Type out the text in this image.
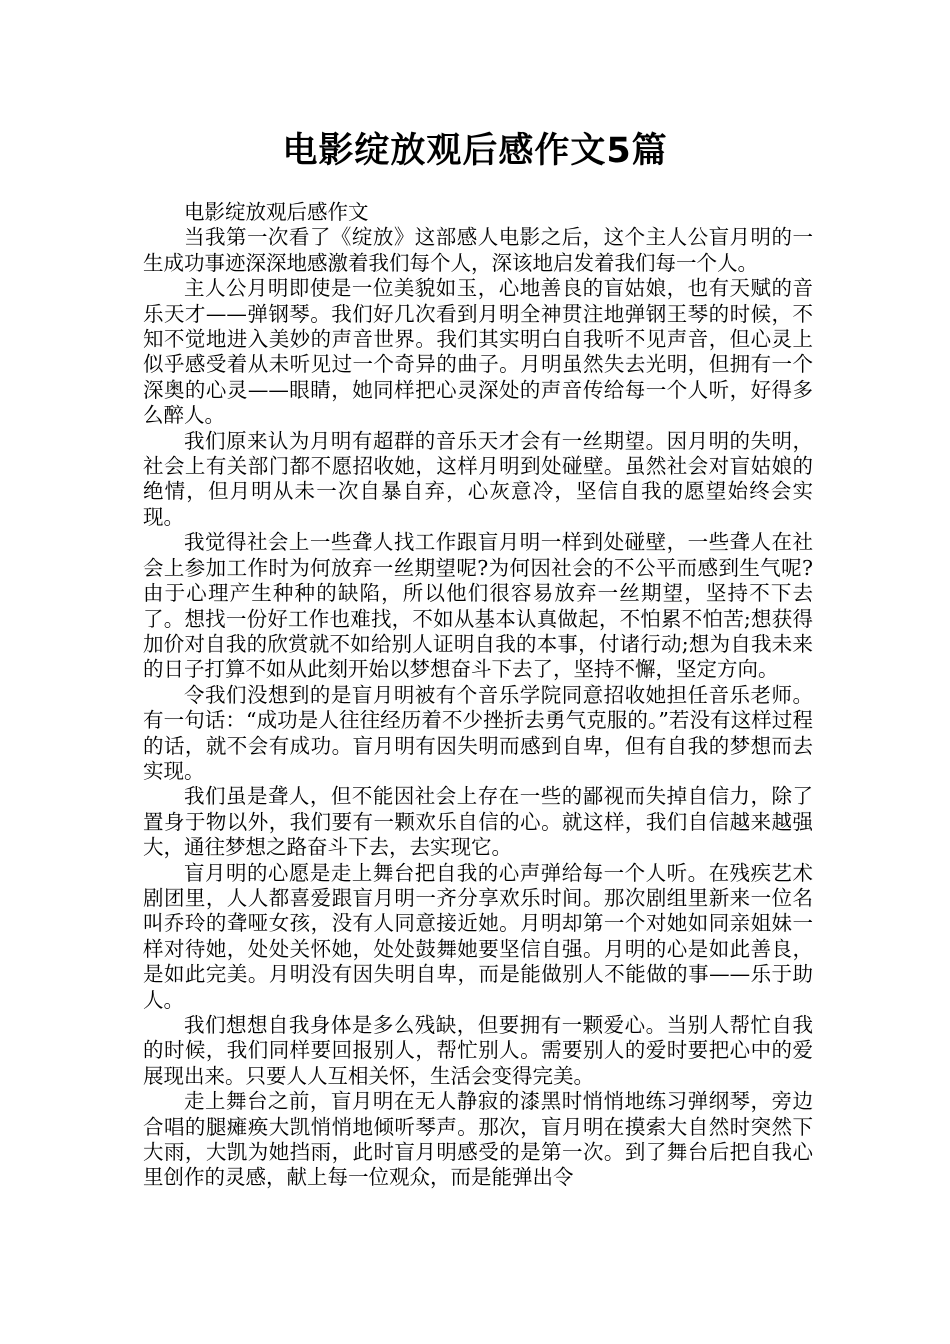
电影绽放观后感作文5篇

电影绽放观后感作文

当我第一次看了《绽放》这部感人电影之后，这个主人公盲月明的一生成功事迹深深地感激着我们每个人，深该地启发着我们每一个人。

主人公月明即使是一位美貌如玉，心地善良的盲姑娘，也有天赋的音乐天才——弹钢琴。我们好几次看到月明全神贯注地弹钢王琴的时候，不知不觉地进入美妙的声音世界。我们其实明白自我听不见声音，但心灵上似乎感受着从未听见过一个奇异的曲子。月明虽然失去光明，但拥有一个深奥的心灵——眼睛，她同样把心灵深处的声音传给每一个人听，好得多么醉人。

我们原来认为月明有超群的音乐天才会有一丝期望。因月明的失明，社会上有关部门都不愿招收她，这样月明到处碰壁。虽然社会对盲姑娘的绝情，但月明从未一次自暴自弃，心灰意冷，坚信自我的愿望始终会实现。

我觉得社会上一些聋人找工作跟盲月明一样到处碰壁，一些聋人在社会上参加工作时为何放弃一丝期望呢?为何因社会的不公平而感到生气呢?由于心理产生种种的缺陷，所以他们很容易放弃一丝期望，坚持不下去了。想找一份好工作也难找，不如从基本认真做起，不怕累不怕苦;想获得加价对自我的欣赏就不如给别人证明自我的本事，付诸行动;想为自我未来的日子打算不如从此刻开始以梦想奋斗下去了，坚持不懈，坚定方向。

令我们没想到的是盲月明被有个音乐学院同意招收她担任音乐老师。有一句话：“成功是人往往经历着不少挫折去勇气克服的。”若没有这样过程的话，就不会有成功。盲月明有因失明而感到自卑，但有自我的梦想而去实现。

我们虽是聋人，但不能因社会上存在一些的鄙视而失掉自信力，除了置身于物以外，我们要有一颗欢乐自信的心。就这样，我们自信越来越强大，通往梦想之路奋斗下去，去实现它。

盲月明的心愿是走上舞台把自我的心声弹给每一个人听。在残疾艺术剧团里，人人都喜爱跟盲月明一齐分享欢乐时间。那次剧组里新来一位名叫乔玲的聋哑女孩，没有人同意接近她。月明却第一个对她如同亲姐妹一样对待她，处处关怀她，处处鼓舞她要坚信自强。月明的心是如此善良，是如此完美。月明没有因失明自卑，而是能做别人不能做的事——乐于助人。

我们想想自我身体是多么残缺，但要拥有一颗爱心。当别人帮忙自我的时候，我们同样要回报别人，帮忙别人。需要别人的爱时要把心中的爱展现出来。只要人人互相关怀，生活会变得完美。

走上舞台之前，盲月明在无人静寂的漆黑时悄悄地练习弹纲琴，旁边合唱的腿瘫痪大凯悄悄地倾听琴声。那次，盲月明在摸索大自然时突然下大雨，大凯为她挡雨，此时盲月明感受的是第一次。到了舞台后把自我心里创作的灵感，献上每一位观众，而是能弹出令
